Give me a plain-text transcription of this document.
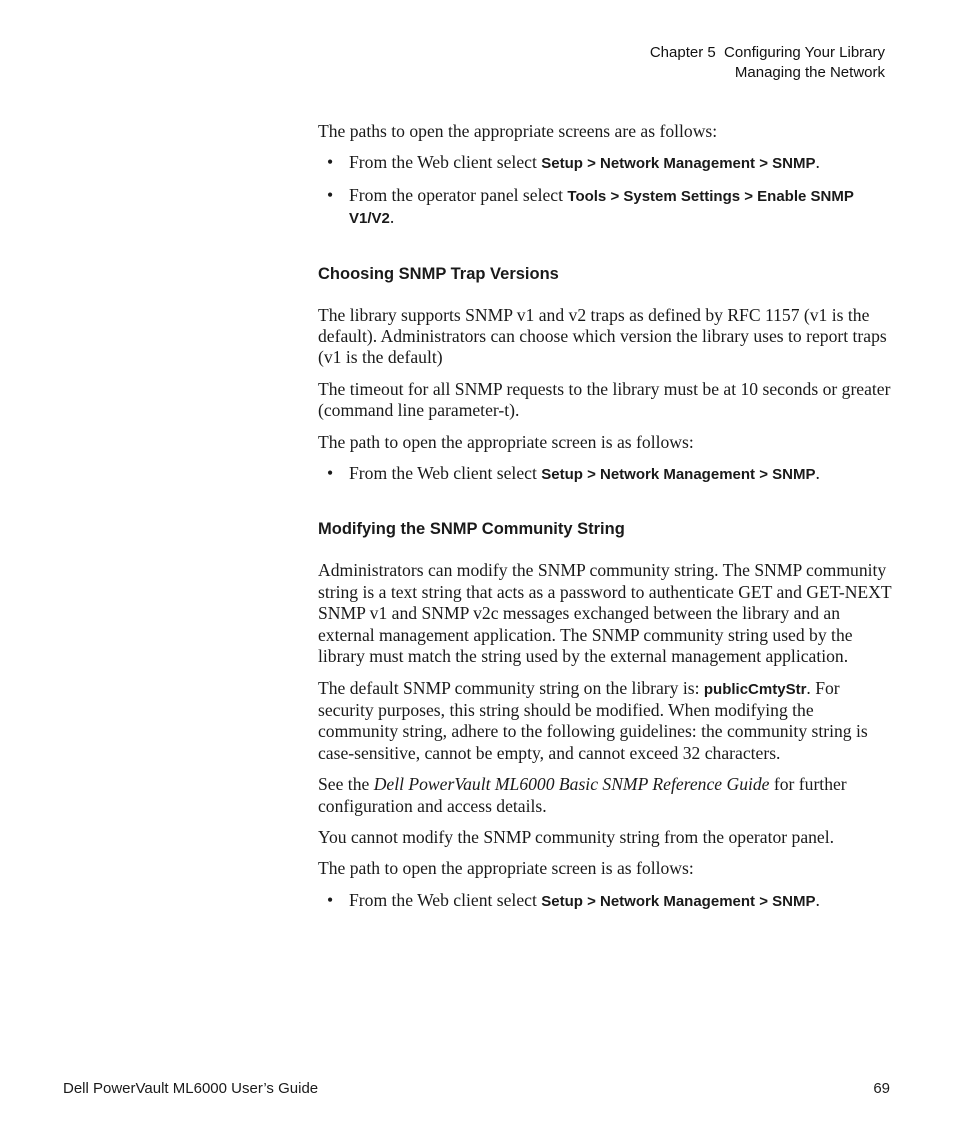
Chapter 5  Configuring Your Library
Managing the Network

The paths to open the appropriate screens are as follows:

• From the Web client select Setup > Network Management > SNMP.
• From the operator panel select Tools > System Settings > Enable SNMP V1/V2.
Choosing SNMP Trap Versions

The library supports SNMP v1 and v2 traps as defined by RFC 1157 (v1 is the default). Administrators can choose which version the library uses to report traps (v1 is the default)

The timeout for all SNMP requests to the library must be at 10 seconds or greater (command line parameter-t).

The path to open the appropriate screen is as follows:

• From the Web client select Setup > Network Management > SNMP.
Modifying the SNMP Community String

Administrators can modify the SNMP community string. The SNMP community string is a text string that acts as a password to authenticate GET and GET-NEXT SNMP v1 and SNMP v2c messages exchanged between the library and an external management application. The SNMP community string used by the library must match the string used by the external management application.

The default SNMP community string on the library is: publicCmtyStr. For security purposes, this string should be modified. When modifying the community string, adhere to the following guidelines: the community string is case-sensitive, cannot be empty, and cannot exceed 32 characters.

See the Dell PowerVault ML6000 Basic SNMP Reference Guide for further configuration and access details.

You cannot modify the SNMP community string from the operator panel.

The path to open the appropriate screen is as follows:

• From the Web client select Setup > Network Management > SNMP.
Dell PowerVault ML6000 User’s Guide	69
